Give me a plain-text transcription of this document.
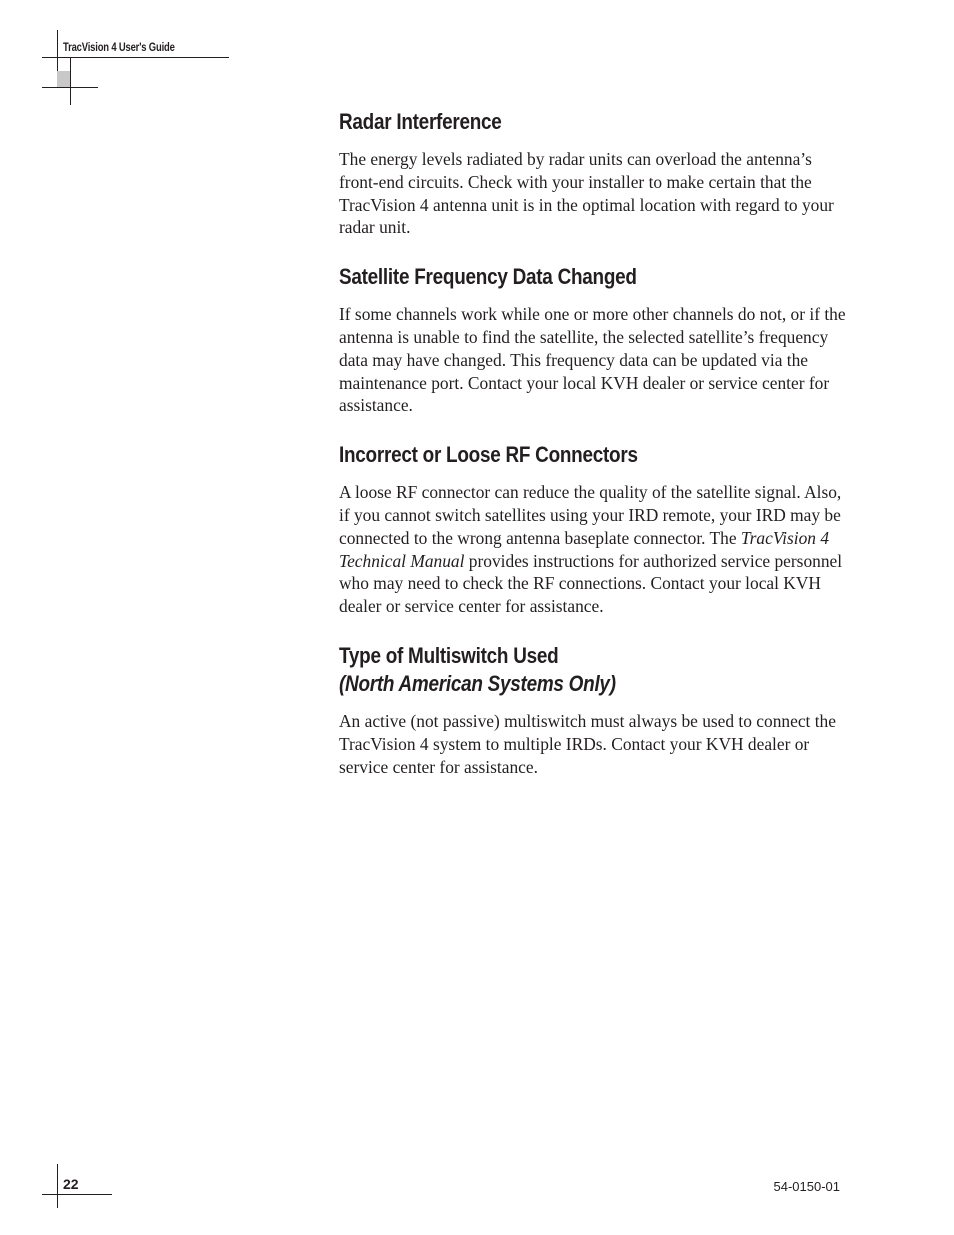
TracVision 4 User's Guide
Radar Interference

The energy levels radiated by radar units can overload the antenna’s front-end circuits. Check with your installer to make certain that the TracVision 4 antenna unit is in the optimal location with regard to your radar unit.

Satellite Frequency Data Changed

If some channels work while one or more other channels do not, or if the antenna is unable to find the satellite, the selected satellite’s frequency data may have changed. This frequency data can be updated via the maintenance port. Contact your local KVH dealer or service center for assistance.

Incorrect or Loose RF Connectors

A loose RF connector can reduce the quality of the satellite signal. Also, if you cannot switch satellites using your IRD remote, your IRD may be connected to the wrong antenna baseplate connector. The TracVision 4 Technical Manual provides instructions for authorized service personnel who may need to check the RF connections. Contact your local KVH dealer or service center for assistance.

Type of Multiswitch Used
(North American Systems Only)

An active (not passive) multiswitch must always be used to connect the TracVision 4 system to multiple IRDs. Contact your KVH dealer or service center for assistance.

22	54-0150-01
